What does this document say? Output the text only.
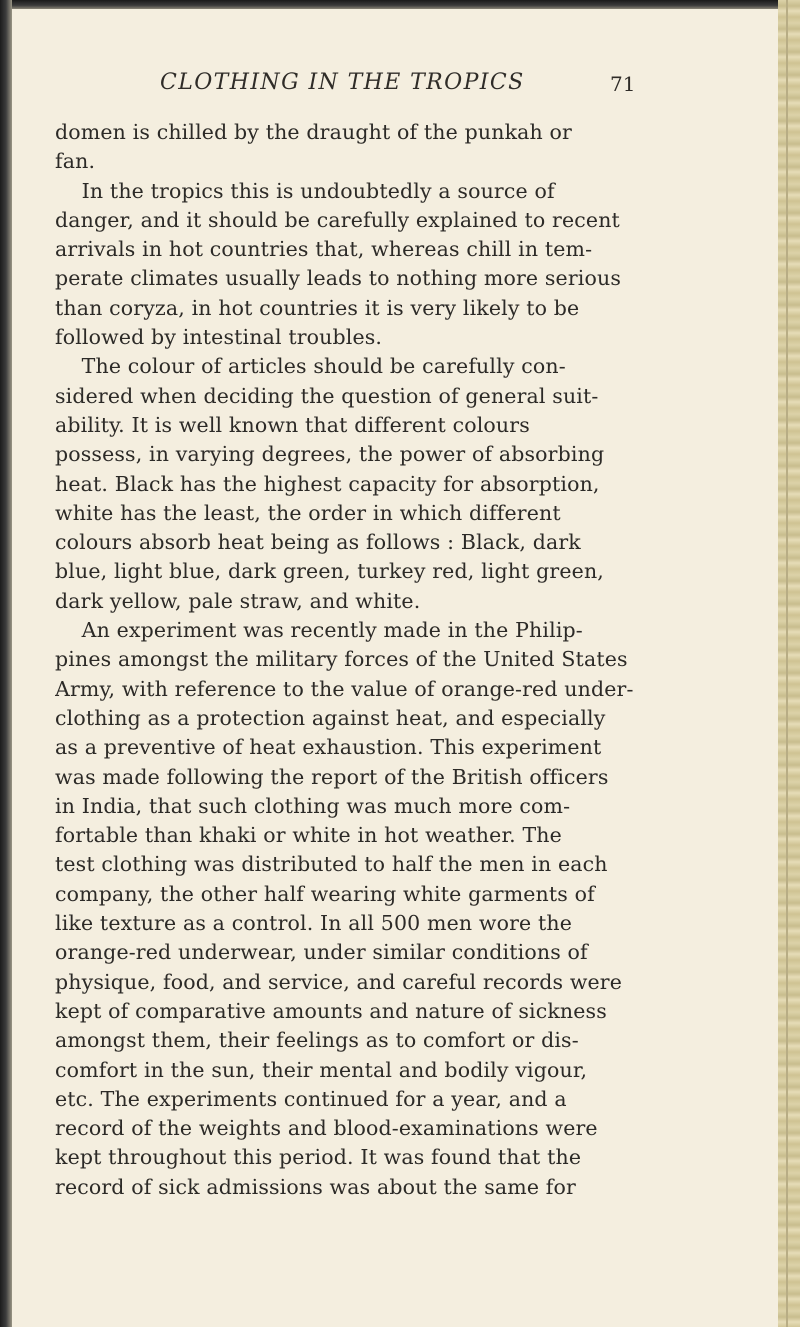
CLOTHING IN THE TROPICS	71
domen is chilled by the draught of the punkah or
fan.
In the tropics this is undoubtedly a source of
danger, and it should be carefully explained to recent
arrivals in hot countries that, whereas chill in tem-
perate climates usually leads to nothing more serious
than coryza, in hot countries it is very likely to be
followed by intestinal troubles.
The colour of articles should be carefully con-
sidered when deciding the question of general suit-
ability. It is well known that different colours
possess, in varying degrees, the power of absorbing
heat. Black has the highest capacity for absorption,
white has the least, the order in which different
colours absorb heat being as follows : Black, dark
blue, light blue, dark green, turkey red, light green,
dark yellow, pale straw, and white.
An experiment was recently made in the Philip-
pines amongst the military forces of the United States
Army, with reference to the value of orange-red under-
clothing as a protection against heat, and especially
as a preventive of heat exhaustion. This experiment
was made following the report of the British officers
in India, that such clothing was much more com-
fortable than khaki or white in hot weather. The
test clothing was distributed to half the men in each
company, the other half wearing white garments of
like texture as a control. In all 500 men wore the
orange-red underwear, under similar conditions of
physique, food, and service, and careful records were
kept of comparative amounts and nature of sickness
amongst them, their feelings as to comfort or dis-
comfort in the sun, their mental and bodily vigour,
etc. The experiments continued for a year, and a
record of the weights and blood-examinations were
kept throughout this period. It was found that the
record of sick admissions was about the same for
